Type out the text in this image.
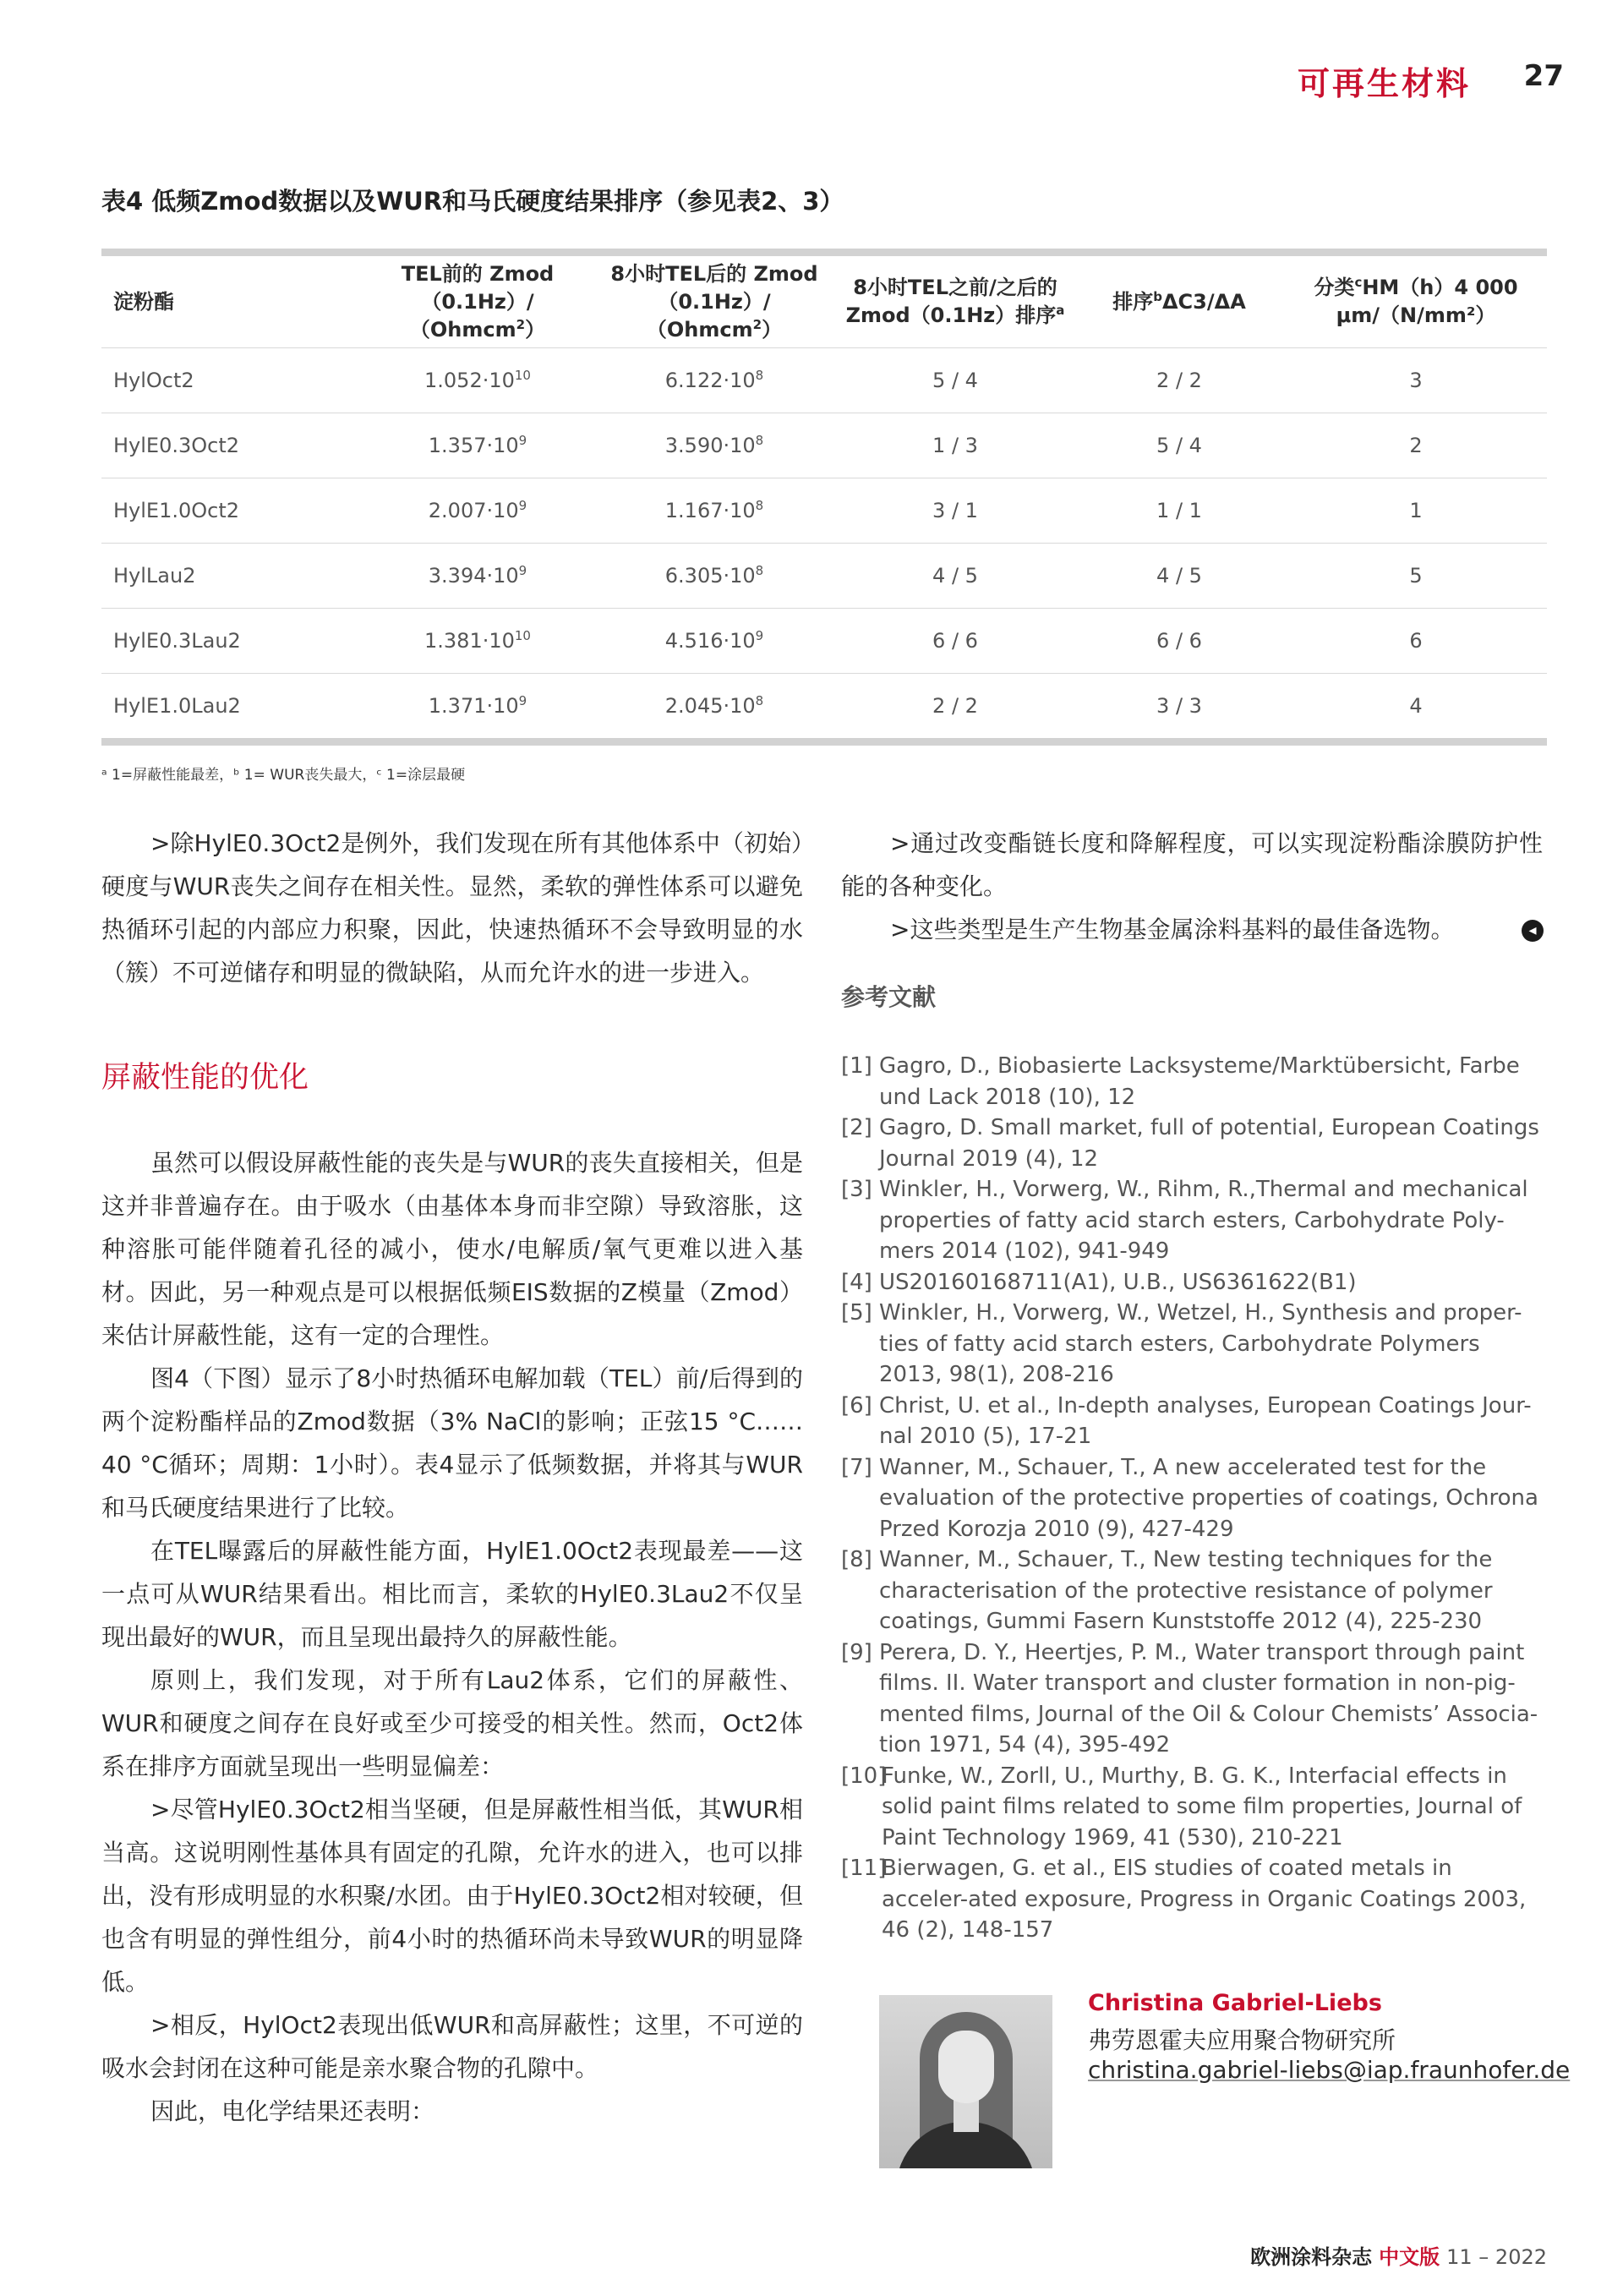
可再生材料 27
表4 低频Zmod数据以及WUR和马氏硬度结果排序（参见表2、3）
淀粉酯	TEL前的 Zmod（0.1Hz）/（Ohmcm$^2$）	8小时TEL后的 Zmod（0.1Hz）/（Ohmcm$^2$）	8小时TEL之前/之后的 Zmod（0.1Hz）排序$^a$	排序$^b$ΔC3/ΔA	分类$^c$HM（h）4 000 μm/（N/mm²）
HylOct2	$1.052\cdot 10^{10}$	$6.122\cdot 10^8$	5 / 4	2 / 2	3
HylE0.3Oct2	$1.357\cdot 10^9$	$3.590\cdot 10^8$	1 / 3	5 / 4	2
HylE1.0Oct2	$2.007\cdot 10^9$	$1.167\cdot 10^8$	3 / 1	1 / 1	1
HylLau2	$3.394\cdot 10^9$	$6.305\cdot 10^8$	4 / 5	4 / 5	5
HylE0.3Lau2	$1.381\cdot 10^{10}$	$4.516\cdot 10^9$	6 / 6	6 / 6	6
HylE1.0Lau2	$1.371\cdot 10^9$	$2.045\cdot 10^8$	2 / 2	3 / 3	4
ᵃ 1=屏蔽性能最差，ᵇ 1= WUR丧失最大，ᶜ 1=涂层最硬

>除HylE0.3Oct2是例外，我们发现在所有其他体系中（初始）硬度与WUR丧失之间存在相关性。显然，柔软的弹性体系可以避免热循环引起的内部应力积聚，因此，快速热循环不会导致明显的水（簇）不可逆储存和明显的微缺陷，从而允许水的进一步进入。

屏蔽性能的优化

虽然可以假设屏蔽性能的丧失是与WUR的丧失直接相关，但是这并非普遍存在。由于吸水（由基体本身而非空隙）导致溶胀，这种溶胀可能伴随着孔径的减小，使水/电解质/氧气更难以进入基材。因此，另一种观点是可以根据低频EIS数据的Z模量（Zmod）来估计屏蔽性能，这有一定的合理性。

图4（下图）显示了8小时热循环电解加载（TEL）前/后得到的两个淀粉酯样品的Zmod数据（3% NaCl的影响；正弦15 °C……40 °C循环；周期：1小时）。表4显示了低频数据，并将其与WUR和马氏硬度结果进行了比较。

在TEL曝露后的屏蔽性能方面，HylE1.0Oct2表现最差——这一点可从WUR结果看出。相比而言，柔软的HylE0.3Lau2不仅呈现出最好的WUR，而且呈现出最持久的屏蔽性能。

原则上，我们发现，对于所有Lau2体系，它们的屏蔽性、WUR和硬度之间存在良好或至少可接受的相关性。然而，Oct2体系在排序方面就呈现出一些明显偏差：

>尽管HylE0.3Oct2相当坚硬，但是屏蔽性相当低，其WUR相当高。这说明刚性基体具有固定的孔隙，允许水的进入，也可以排出，没有形成明显的水积聚/水团。由于HylE0.3Oct2相对较硬，但也含有明显的弹性组分，前4小时的热循环尚未导致WUR的明显降低。

>相反，HylOct2表现出低WUR和高屏蔽性；这里，不可逆的吸水会封闭在这种可能是亲水聚合物的孔隙中。

因此，电化学结果还表明：

>通过改变酯链长度和降解程度，可以实现淀粉酯涂膜防护性能的各种变化。

>这些类型是生产生物基金属涂料基料的最佳备选物。

参考文献
[1] Gagro, D., Biobasierte Lacksysteme/Marktübersicht, Farbe und Lack 2018 (10), 12
[2] Gagro, D. Small market, full of potential, European Coatings Journal 2019 (4), 12
[3] Winkler, H., Vorwerg, W., Rihm, R.,Thermal and mechanical properties of fatty acid starch esters, Carbohydrate Poly-mers 2014 (102), 941-949
[4] US20160168711(A1), U.B., US6361622(B1)
[5] Winkler, H., Vorwerg, W., Wetzel, H., Synthesis and proper-ties of fatty acid starch esters, Carbohydrate Polymers 2013, 98(1), 208-216
[6] Christ, U. et al., In-depth analyses, European Coatings Jour-nal 2010 (5), 17-21
[7] Wanner, M., Schauer, T., A new accelerated test for the evaluation of the protective properties of coatings, Ochrona Przed Korozja 2010 (9), 427-429
[8] Wanner, M., Schauer, T., New testing techniques for the characterisation of the protective resistance of polymer coatings, Gummi Fasern Kunststoffe 2012 (4), 225-230
[9] Perera, D. Y., Heertjes, P. M., Water transport through paint films. II. Water transport and cluster formation in non-pig-mented films, Journal of the Oil & Colour Chemists’ Associa-tion 1971, 54 (4), 395-492
[10]
Funke, W., Zorll, U., Murthy, B. G. K., Interfacial effects in solid paint films related to some film properties, Journal of Paint Technology 1969, 41 (530), 210-221
[11]
Bierwagen, G. et al., EIS studies of coated metals in acceler-ated exposure, Progress in Organic Coatings 2003, 46 (2), 148-157
◂
Christina Gabriel-Liebs
弗劳恩霍夫应用聚合物研究所
christina.gabriel-liebs@iap.fraunhofer.de
欧洲涂料杂志 中文版 11 – 2022
